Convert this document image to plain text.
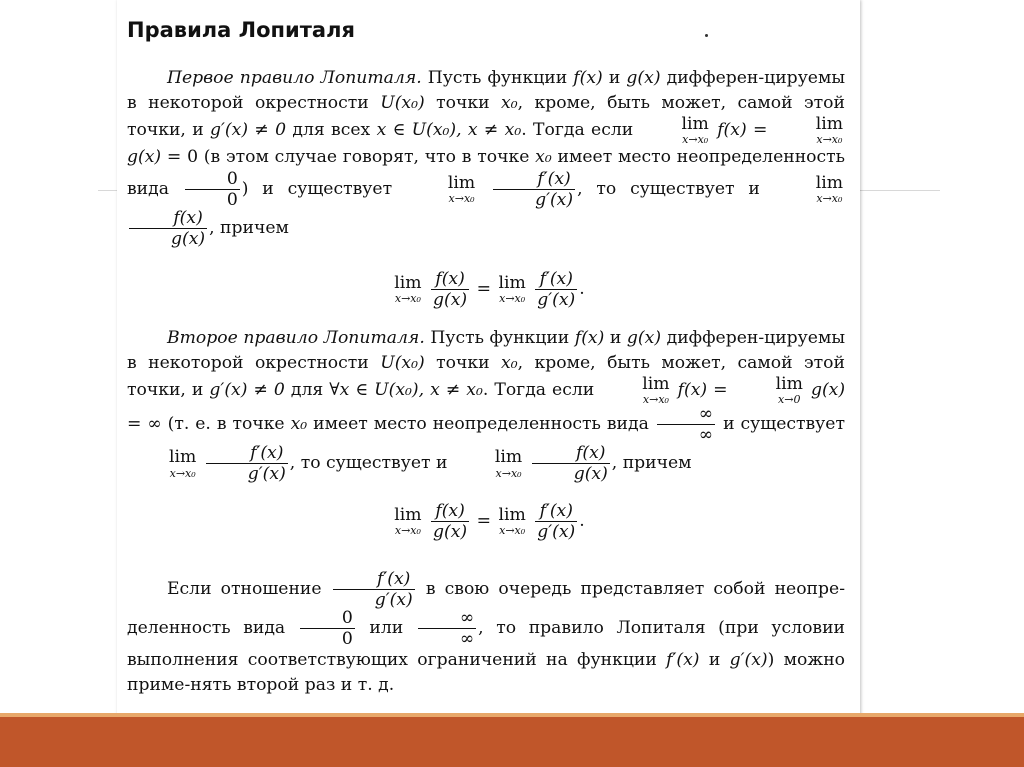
Правила Лопиталя
Первое правило Лопиталя. Пусть функции f(x) и g(x) дифферен-цируемы в некоторой окрестности U(x₀) точки x₀, кроме, быть может, самой этой точки, и g′(x) ≠ 0 для всех x ∈ U(x₀), x ≠ x₀. Тогда если	lim
x→x₀ f(x) =	lim
x→x₀
g(x) = 0 (в этом случае говорят, что в точке x₀ имеет место неопределенность вида $\frac{0}{0}$ ) и существует	lim
x→x₀
$\frac{f'(x)}{g'(x)}$ , то существует и	lim
x→x₀

$\frac{f(x)}{g(x)}$ , причем
lim
x→x₀
$\frac{f(x)}{g(x)} = \lim$
x→x₀
$\frac{f'(x)}{g'(x)}$ .
Второе правило Лопиталя. Пусть функции f(x) и g(x) дифферен-цируемы в некоторой окрестности U(x₀) точки x₀, кроме, быть может, самой этой точки, и g′(x) ≠ 0 для ∀x ∈ U(x₀), x ≠ x₀. Тогда если	lim
x→x₀ f(x) =	lim
x→0 g(x) = ∞ (т. е. в точке x₀ имеет место неопределенность вида $\frac{\infty}{\infty}$ и существует
lim
x→x₀
$\frac{f'(x)}{g'(x)}$ , то существует и	lim
x→x₀
$\frac{f(x)}{g(x)}$ , причем
lim
x→x₀
$\frac{f(x)}{g(x)} = \lim$
x→x₀
$\frac{f'(x)}{g'(x)}$ .
Если отношение $\frac{f'(x)}{g'(x)}$ в свою очередь представляет собой неопре-деленность вида $\frac{0}{0}$ или $\frac{\infty}{\infty}$ , то правило Лопиталя (при условии выполнения соответствующих ограничений на функции f′(x) и g′(x)) можно приме-нять второй раз и т. д.
